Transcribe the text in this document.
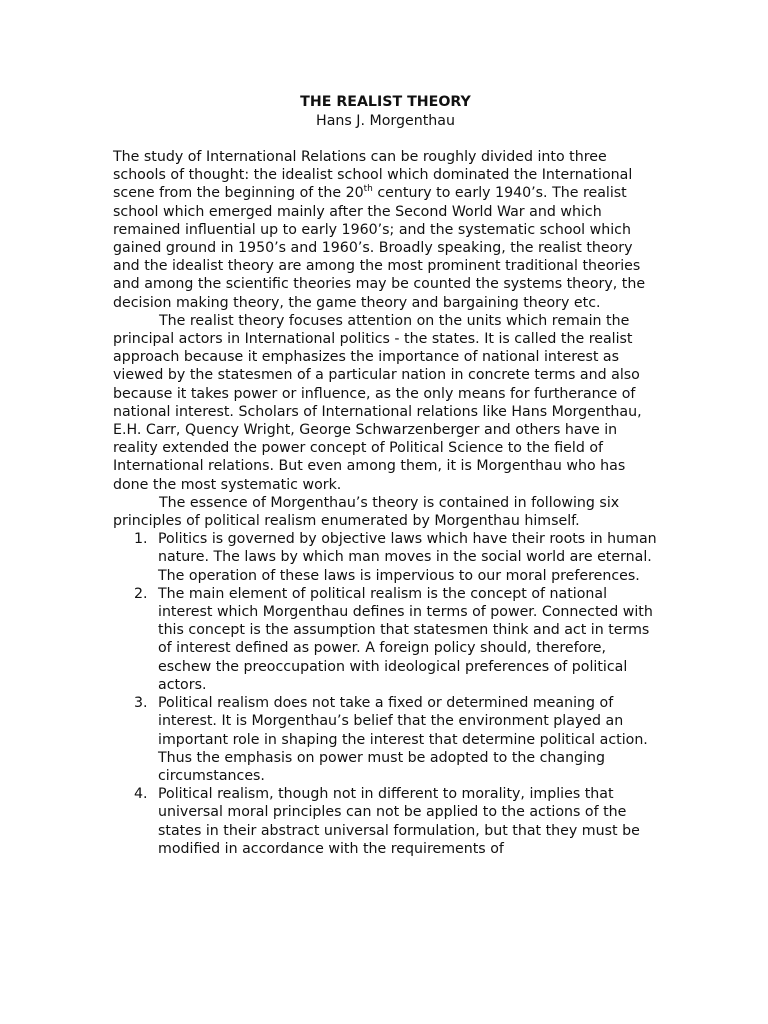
THE REALIST THEORY
Hans J. Morgenthau

The study of International Relations can be roughly divided into three schools of thought: the idealist school which dominated the International scene from the beginning of the 20th century to early 1940’s. The realist school which emerged mainly after the Second World War and which remained influential up to early 1960’s; and the systematic school which gained ground in 1950’s and 1960’s. Broadly speaking, the realist theory and the idealist theory are among the most prominent traditional theories and among the scientific theories may be counted the systems theory, the decision making theory, the game theory and bargaining theory etc.

The realist theory focuses attention on the units which remain the principal actors in International politics - the states. It is called the realist approach because it emphasizes the importance of national interest as viewed by the statesmen of a particular nation in concrete terms and also because it takes power or influence, as the only means for furtherance of national interest. Scholars of International relations like Hans Morgenthau, E.H. Carr, Quency Wright, George Schwarzenberger and others have in reality extended the power concept of Political Science to the field of International relations. But even among them, it is Morgenthau who has done the most systematic work.

The essence of Morgenthau’s theory is contained in following six principles of political realism enumerated by Morgenthau himself.

1. Politics is governed by objective laws which have their roots in human nature. The laws by which man moves in the social world are eternal. The operation of these laws is impervious to our moral preferences.
2. The main element of political realism is the concept of national interest which Morgenthau defines in terms of power. Connected with this concept is the assumption that statesmen think and act in terms of interest defined as power. A foreign policy should, therefore, eschew the preoccupation with ideological preferences of political actors.
3. Political realism does not take a fixed or determined meaning of interest. It is Morgenthau’s belief that the environment played an important role in shaping the interest that determine political action. Thus the emphasis on power must be adopted to the changing circumstances.
4. Political realism, though not in different to morality, implies that universal moral principles can not be applied to the actions of the states in their abstract universal formulation, but that they must be modified in accordance with the requirements of
